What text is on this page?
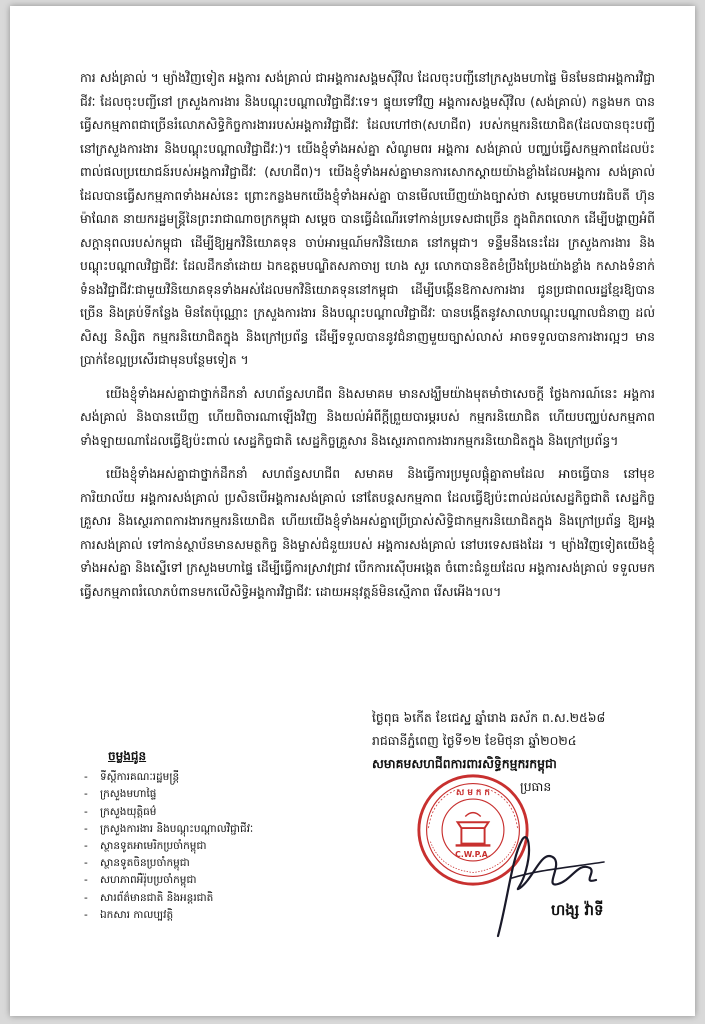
ការ សង់គ្រាល់ ។ ម្យ៉ាងវិញទៀត អង្គការ សង់គ្រាល់ ជាអង្គការសង្គមស៊ីវិល ដែលចុះបញ្ជីនៅក្រសួងមហាផ្ទៃ មិនមែនជាអង្គការវិជ្ជាជីវៈ ដែលចុះបញ្ជីនៅ ក្រសួងការងារ និងបណ្ដុះបណ្ដាលវិជ្ជាជីវៈទេ។ ផ្ទុយទៅវិញ អង្គការសង្គមស៊ីវិល (សង់គ្រាល់) កន្លងមក បានធ្វើសកម្មភាពជាច្រើនរំលោភសិទ្ធិកិច្ចការងាររបស់អង្គការវិជ្ជាជីវៈ ដែលហៅថា(សហជីព) របស់កម្មករនិយោជិត(ដែលបានចុះបញ្ជីនៅក្រសួងការងារ និងបណ្ដុះបណ្ដាលវិជ្ជាជីវៈ)។ យើងខ្ញុំទាំងអស់គ្នា សំណូមពរ អង្គការ សង់គ្រាល់ បញ្ឈប់ធ្វើសកម្មភាពដែលប៉ះពាល់ផលប្រយោជន៍របស់អង្គការវិជ្ជាជីវៈ (សហជីព)។ យើងខ្ញុំទាំងអស់គ្នាមានការសោកស្ដាយយ៉ាងខ្លាំងដែលអង្គការ សង់គ្រាល់ ដែលបានធ្វើសកម្មភាពទាំងអស់នេះ ព្រោះកន្លងមកយើងខ្ញុំទាំងអស់គ្នា បានមើលឃើញយ៉ាងច្បាស់ថា សម្ដេចមហាបវរធិបតី ហ៊ុន ម៉ាណែត នាយករដ្ឋមន្ត្រីនៃព្រះរាជាណាចក្រកម្ពុជា សម្ដេច បានធ្វើដំណើរទៅកាន់ប្រទេសជាច្រើន ក្នុងពិភពលោក ដើម្បីបង្ហាញអំពីសក្ដានុពលរបស់កម្ពុជា ដើម្បីឱ្យអ្នកវិនិយោគទុន ចាប់អារម្មណ៍មកវិនិយោគ នៅកម្ពុជា។ ទន្ទឹមនឹងនេះដែរ ក្រសួងការងារ និងបណ្ដុះបណ្ដាលវិជ្ជាជីវៈ ដែលដឹកនាំដោយ ឯកឧត្ដមបណ្ឌិតសភាចារ្យ ហេង សួរ លោកបានខិតខំប្រឹងប្រែងយ៉ាងខ្លាំង កសាងទំនាក់ទំនងវិជ្ជាជីវៈជាមួយវិនិយោគទុនទាំងអស់ដែលមកវិនិយោគទុននៅកម្ពុជា ដើម្បីបង្កើនឱកាសការងារ ជូនប្រជាពលរដ្ឋខ្មែរឱ្យបានច្រើន និងគ្រប់ទីកន្លែង មិនតែប៉ុណ្ណោះ ក្រសួងការងារ និងបណ្ដុះបណ្ដាលវិជ្ជាជីវៈ បានបង្កើតនូវសាលាបណ្ដុះបណ្ដាលជំនាញ ដល់សិស្ស និស្សិត កម្មករនិយោជិតក្នុង និងក្រៅប្រព័ន្ធ ដើម្បីទទួលបាននូវជំនាញមួយច្បាស់លាស់ អាចទទួលបានការងារល្អៗ មានប្រាក់ខែល្អប្រសើរជាមុនបន្ថែមទៀត ។

យើងខ្ញុំទាំងអស់គ្នាជាថ្នាក់ដឹកនាំ សហព័ន្ធសហជីព និងសមាគម មានសង្ឃឹមយ៉ាងមុតមាំថាសេចក្ដី ថ្លែងការណ៍នេះ អង្គការសង់គ្រាល់ និងបានឃើញ ហើយពិចារណាឡើងវិញ និងយល់អំពីក្ដីព្រួយបារម្ភរបស់ កម្មករនិយោជិត ហើយបញ្ឈប់សកម្មភាពទាំងឡាយណាដែលធ្វើឱ្យប៉ះពាល់ សេដ្ឋកិច្ចជាតិ សេដ្ឋកិច្ចគ្រួសារ និងស្ថេរភាពការងារកម្មករនិយោជិតក្នុង និងក្រៅប្រព័ន្ធ។

យើងខ្ញុំទាំងអស់គ្នាជាថ្នាក់ដឹកនាំ សហព័ន្ធសហជីព សមាគម និងធ្វើការប្រមូលផ្ដុំគ្នាតាមដែល អាចធ្វើបាន នៅមុខការិយាល័យ អង្គការសង់គ្រាល់ ប្រសិនបើអង្គការសង់គ្រាល់ នៅតែបន្តសកម្មភាព ដែលធ្វើឱ្យប៉ះពាល់ដល់សេដ្ឋកិច្ចជាតិ សេដ្ឋកិច្ចគ្រួសារ និងស្ថេរភាពការងារកម្មករនិយោជិត ហើយយើងខ្ញុំទាំងអស់គ្នាប្រើប្រាស់សិទ្ធិជាកម្មករនិយោជិតក្នុង និងក្រៅប្រព័ន្ធ ឱ្យអង្គការសង់គ្រាល់ ទៅកាន់ស្ថាប័នមានសមត្ថកិច្ច និងម្ចាស់ជំនួយរបស់ អង្គការសង់គ្រាល់ នៅបរទេសផងដែរ ។ ម្យ៉ាងវិញទៀតយើងខ្ញុំទាំងអស់គ្នា និងស្នើទៅ ក្រសួងមហាផ្ទៃ ដើម្បីធ្វើការស្រាវជ្រាវ បើកការស៊ើបអង្កេត ចំពោះជំនួយដែល អង្គការសង់គ្រាល់ ទទួលមកធ្វើសកម្មភាពរំលោភបំពានមកលើសិទ្ធិអង្គការវិជ្ជាជីវៈ ដោយអនុវត្តន៍មិនស្មើភាព រើសអើង។ល។

ថ្ងៃពុធ ៦កើត ខែជេស្ឋ ឆ្នាំរោង ឆស័ក ព.ស.២៥៦៨
រាជធានីភ្នំពេញ ថ្ងៃទី១២ ខែមិថុនា ឆ្នាំ២០២៤
សមាគមសហជីពការពារសិទ្ធិកម្មករកម្ពុជា
ប្រធាន
ចម្លងជូន
- ទីស្ដីការគណៈរដ្ឋមន្ត្រី
- ក្រសួងមហាផ្ទៃ
- ក្រសួងយុត្តិធម៌
- ក្រសួងការងារ និងបណ្ដុះបណ្ដាលវិជ្ជាជីវៈ
- ស្ថានទូតអាមេរិកប្រចាំកម្ពុជា
- ស្ថានទូតចិនប្រចាំកម្ពុជា
- សហភាពអឺរ៉ុបប្រចាំកម្ពុជា
- សារព័ត៌មានជាតិ និងអន្តរជាតិ
- ឯកសារ កាលប្បវត្តិ
ស ម ក ក
C.W.P.A.
ហង្ស វ៉ាទី
